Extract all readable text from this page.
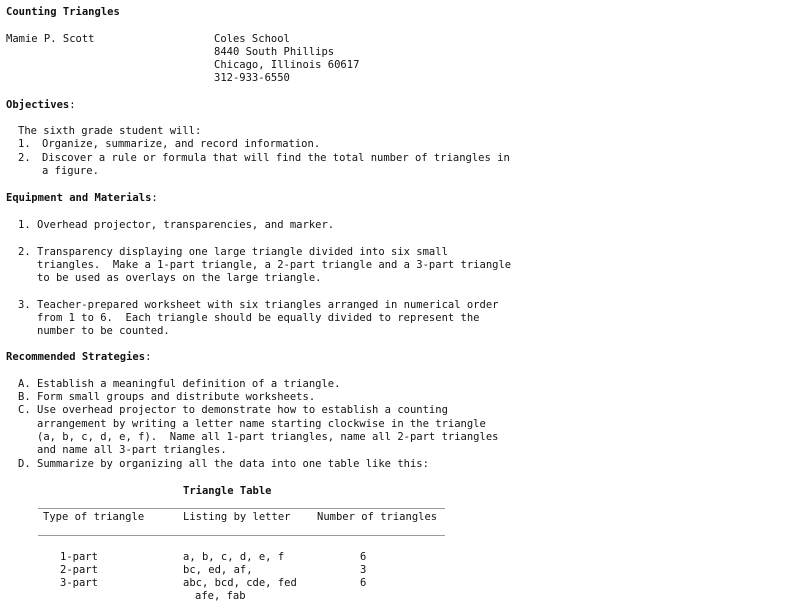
Counting Triangles
Mamie P. Scott	Coles School
8440 South Phillips
Chicago, Illinois 60617
312-933-6550
Objectives:
The sixth grade student will:
1. Organize, summarize, and record information.
2. Discover a rule or formula that will find the total number of triangles in
a figure.
Equipment and Materials:
1. Overhead projector, transparencies, and marker.
2. Transparency displaying one large triangle divided into six small
triangles.  Make a 1-part triangle, a 2-part triangle and a 3-part triangle
to be used as overlays on the large triangle.
3. Teacher-prepared worksheet with six triangles arranged in numerical order
from 1 to 6.  Each triangle should be equally divided to represent the
number to be counted.
Recommended Strategies:
A. Establish a meaningful definition of a triangle.
B. Form small groups and distribute worksheets.
C. Use overhead projector to demonstrate how to establish a counting
arrangement by writing a letter name starting clockwise in the triangle
(a, b, c, d, e, f).  Name all 1-part triangles, name all 2-part triangles
and name all 3-part triangles.
D. Summarize by organizing all the data into one table like this:
Triangle Table
Type of triangle	Listing by letter	Number of triangles
1-part	a, b, c, d, e, f	6
2-part	bc, ed, af,	3
3-part	abc, bcd, cde, fed	6
afe, fab
